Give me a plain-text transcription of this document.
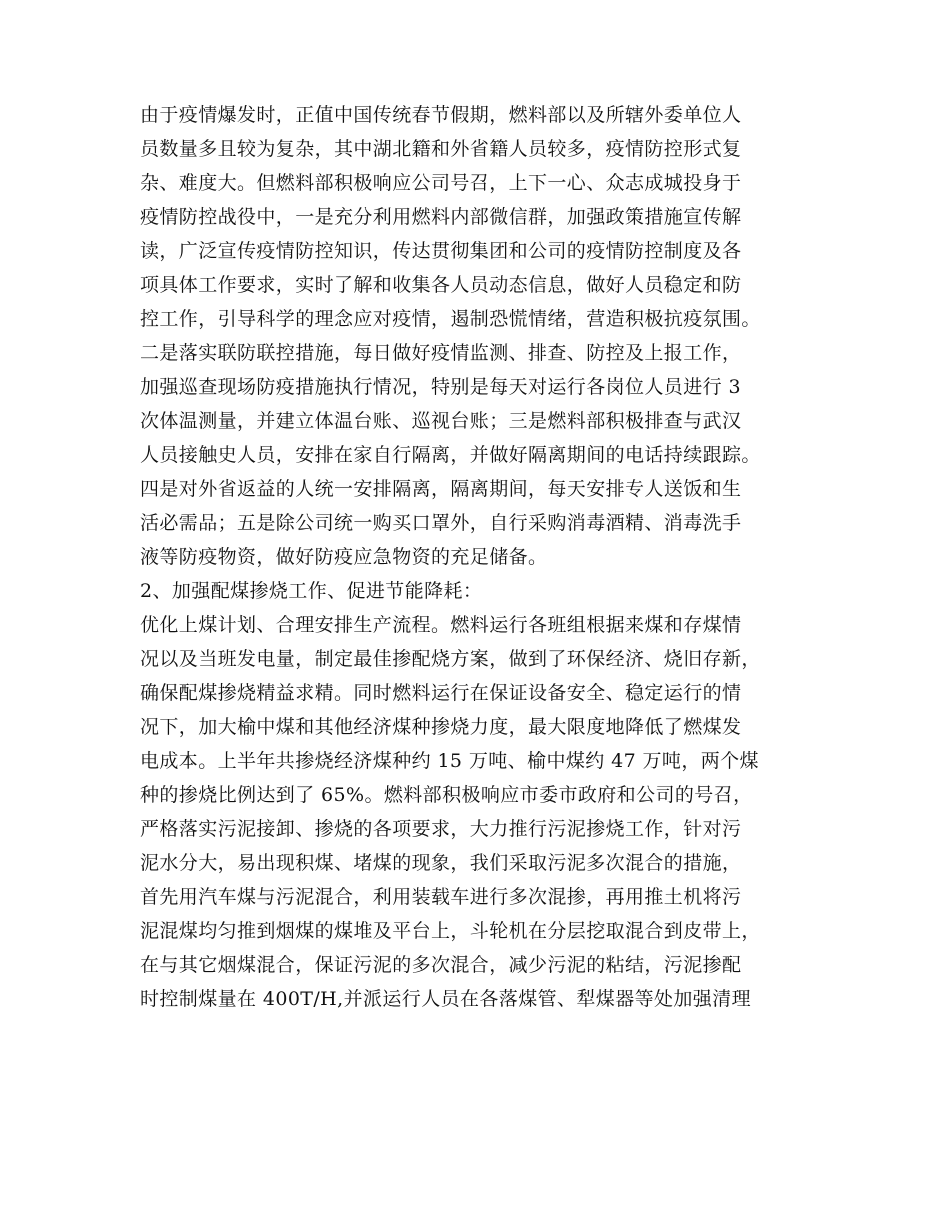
由于疫情爆发时，正值中国传统春节假期，燃料部以及所辖外委单位人
员数量多且较为复杂，其中湖北籍和外省籍人员较多，疫情防控形式复
杂、难度大。但燃料部积极响应公司号召，上下一心、众志成城投身于
疫情防控战役中，一是充分利用燃料内部微信群，加强政策措施宣传解
读，广泛宣传疫情防控知识，传达贯彻集团和公司的疫情防控制度及各
项具体工作要求，实时了解和收集各人员动态信息，做好人员稳定和防
控工作，引导科学的理念应对疫情，遏制恐慌情绪，营造积极抗疫氛围。
二是落实联防联控措施，每日做好疫情监测、排查、防控及上报工作，
加强巡查现场防疫措施执行情况，特别是每天对运行各岗位人员进行 3
次体温测量，并建立体温台账、巡视台账；三是燃料部积极排查与武汉
人员接触史人员，安排在家自行隔离，并做好隔离期间的电话持续跟踪。
四是对外省返益的人统一安排隔离，隔离期间，每天安排专人送饭和生
活必需品；五是除公司统一购买口罩外，自行采购消毒酒精、消毒洗手
液等防疫物资，做好防疫应急物资的充足储备。
2、加强配煤掺烧工作、促进节能降耗：
优化上煤计划、合理安排生产流程。燃料运行各班组根据来煤和存煤情
况以及当班发电量，制定最佳掺配烧方案，做到了环保经济、烧旧存新，
确保配煤掺烧精益求精。同时燃料运行在保证设备安全、稳定运行的情
况下，加大榆中煤和其他经济煤种掺烧力度，最大限度地降低了燃煤发
电成本。上半年共掺烧经济煤种约 15 万吨、榆中煤约 47 万吨，两个煤
种的掺烧比例达到了 65%。燃料部积极响应市委市政府和公司的号召，
严格落实污泥接卸、掺烧的各项要求，大力推行污泥掺烧工作，针对污
泥水分大，易出现积煤、堵煤的现象，我们采取污泥多次混合的措施，
首先用汽车煤与污泥混合，利用装载车进行多次混掺，再用推土机将污
泥混煤均匀推到烟煤的煤堆及平台上，斗轮机在分层挖取混合到皮带上，
在与其它烟煤混合，保证污泥的多次混合，减少污泥的粘结，污泥掺配
时控制煤量在 400T/H,并派运行人员在各落煤管、犁煤器等处加强清理
